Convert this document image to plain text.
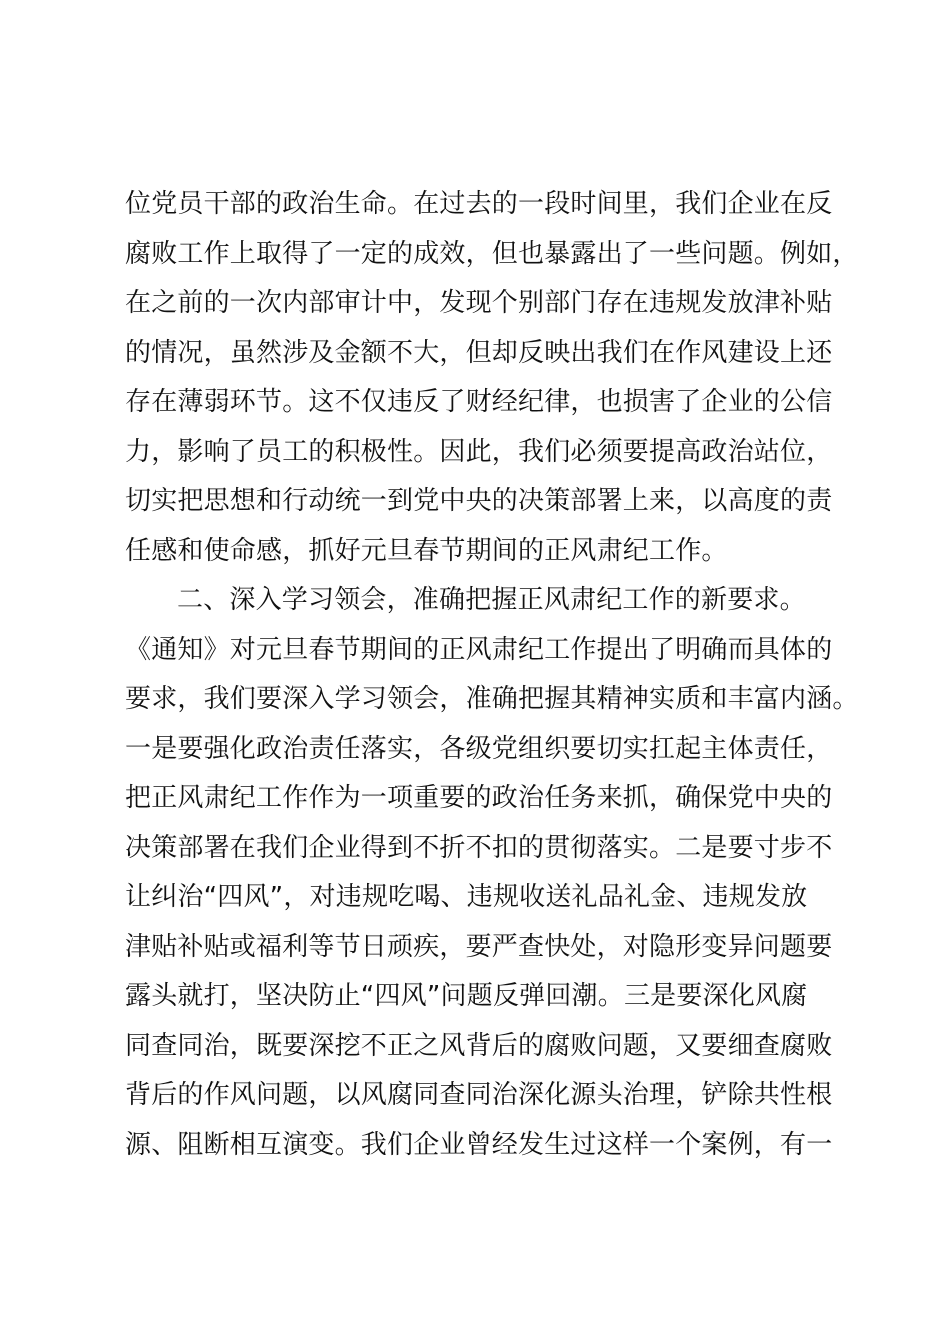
位党员干部的政治生命。在过去的一段时间里，我们企业在反
腐败工作上取得了一定的成效，但也暴露出了一些问题。例如，
在之前的一次内部审计中，发现个别部门存在违规发放津补贴
的情况，虽然涉及金额不大，但却反映出我们在作风建设上还
存在薄弱环节。这不仅违反了财经纪律，也损害了企业的公信
力，影响了员工的积极性。因此，我们必须要提高政治站位，
切实把思想和行动统一到党中央的决策部署上来，以高度的责
任感和使命感，抓好元旦春节期间的正风肃纪工作。
二、深入学习领会，准确把握正风肃纪工作的新要求。
《通知》对元旦春节期间的正风肃纪工作提出了明确而具体的
要求，我们要深入学习领会，准确把握其精神实质和丰富内涵。
一是要强化政治责任落实，各级党组织要切实扛起主体责任，
把正风肃纪工作作为一项重要的政治任务来抓，确保党中央的
决策部署在我们企业得到不折不扣的贯彻落实。二是要寸步不
让纠治“四风”，对违规吃喝、违规收送礼品礼金、违规发放
津贴补贴或福利等节日顽疾，要严查快处，对隐形变异问题要
露头就打，坚决防止“四风”问题反弹回潮。三是要深化风腐
同查同治，既要深挖不正之风背后的腐败问题，又要细查腐败
背后的作风问题，以风腐同查同治深化源头治理，铲除共性根
源、阻断相互演变。我们企业曾经发生过这样一个案例，有一
